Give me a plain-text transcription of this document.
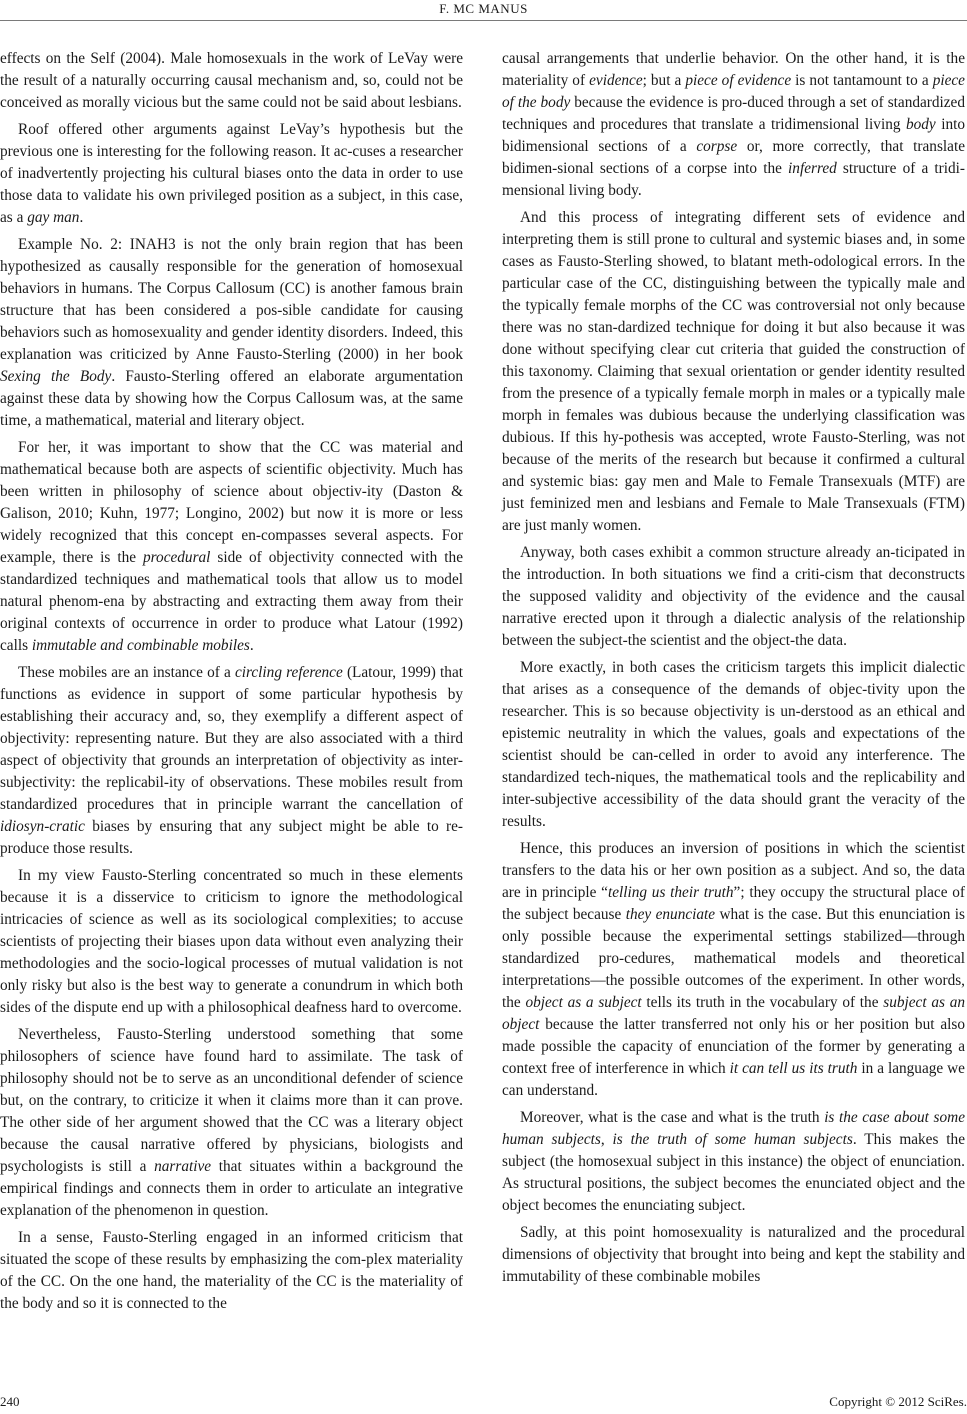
F. MC MANUS

effects on the Self (2004). Male homosexuals in the work of LeVay were the result of a naturally occurring causal mechanism and, so, could not be conceived as morally vicious but the same could not be said about lesbians.

Roof offered other arguments against LeVay’s hypothesis but the previous one is interesting for the following reason. It ac-cuses a researcher of inadvertently projecting his cultural biases onto the data in order to use those data to validate his own privileged position as a subject, in this case, as a gay man.

Example No. 2: INAH3 is not the only brain region that has been hypothesized as causally responsible for the generation of homosexual behaviors in humans. The Corpus Callosum (CC) is another famous brain structure that has been considered a pos-sible candidate for causing behaviors such as homosexuality and gender identity disorders. Indeed, this explanation was criticized by Anne Fausto-Sterling (2000) in her book Sexing the Body. Fausto-Sterling offered an elaborate argumentation against these data by showing how the Corpus Callosum was, at the same time, a mathematical, material and literary object.

For her, it was important to show that the CC was material and mathematical because both are aspects of scientific objectivity. Much has been written in philosophy of science about objectiv-ity (Daston & Galison, 2010; Kuhn, 1977; Longino, 2002) but now it is more or less widely recognized that this concept en-compasses several aspects. For example, there is the procedural side of objectivity connected with the standardized techniques and mathematical tools that allow us to model natural phenom-ena by abstracting and extracting them away from their original contexts of occurrence in order to produce what Latour (1992) calls immutable and combinable mobiles.

These mobiles are an instance of a circling reference (Latour, 1999) that functions as evidence in support of some particular hypothesis by establishing their accuracy and, so, they exemplify a different aspect of objectivity: representing nature. But they are also associated with a third aspect of objectivity that grounds an interpretation of objectivity as inter-subjectivity: the replicabil-ity of observations. These mobiles result from standardized procedures that in principle warrant the cancellation of idiosyn-cratic biases by ensuring that any subject might be able to re-produce those results.

In my view Fausto-Sterling concentrated so much in these elements because it is a disservice to criticism to ignore the methodological intricacies of science as well as its sociological complexities; to accuse scientists of projecting their biases upon data without even analyzing their methodologies and the socio-logical processes of mutual validation is not only risky but also is the best way to generate a conundrum in which both sides of the dispute end up with a philosophical deafness hard to overcome.

Nevertheless, Fausto-Sterling understood something that some philosophers of science have found hard to assimilate. The task of philosophy should not be to serve as an unconditional defender of science but, on the contrary, to criticize it when it claims more than it can prove. The other side of her argument showed that the CC was a literary object because the causal narrative offered by physicians, biologists and psychologists is still a narrative that situates within a background the empirical findings and connects them in order to articulate an integrative explanation of the phenomenon in question.

In a sense, Fausto-Sterling engaged in an informed criticism that situated the scope of these results by emphasizing the com-plex materiality of the CC. On the one hand, the materiality of the CC is the materiality of the body and so it is connected to the

causal arrangements that underlie behavior. On the other hand, it is the materiality of evidence; but a piece of evidence is not tantamount to a piece of the body because the evidence is pro-duced through a set of standardized techniques and procedures that translate a tridimensional living body into bidimensional sections of a corpse or, more correctly, that translate bidimen-sional sections of a corpse into the inferred structure of a tridi-mensional living body.

And this process of integrating different sets of evidence and interpreting them is still prone to cultural and systemic biases and, in some cases as Fausto-Sterling showed, to blatant meth-odological errors. In the particular case of the CC, distinguishing between the typically male and the typically female morphs of the CC was controversial not only because there was no stan-dardized technique for doing it but also because it was done without specifying clear cut criteria that guided the construction of this taxonomy. Claiming that sexual orientation or gender identity resulted from the presence of a typically female morph in males or a typically male morph in females was dubious because the underlying classification was dubious. If this hy-pothesis was accepted, wrote Fausto-Sterling, was not because of the merits of the research but because it confirmed a cultural and systemic bias: gay men and Male to Female Transexuals (MTF) are just feminized men and lesbians and Female to Male Transexuals (FTM) are just manly women.

Anyway, both cases exhibit a common structure already an-ticipated in the introduction. In both situations we find a criti-cism that deconstructs the supposed validity and objectivity of the evidence and the causal narrative erected upon it through a dialectic analysis of the relationship between the subject-the scientist and the object-the data.

More exactly, in both cases the criticism targets this implicit dialectic that arises as a consequence of the demands of objec-tivity upon the researcher. This is so because objectivity is un-derstood as an ethical and epistemic neutrality in which the values, goals and expectations of the scientist should be can-celled in order to avoid any interference. The standardized tech-niques, the mathematical tools and the replicability and inter-subjective accessibility of the data should grant the veracity of the results.

Hence, this produces an inversion of positions in which the scientist transfers to the data his or her own position as a subject. And so, the data are in principle “telling us their truth”; they occupy the structural place of the subject because they enunciate what is the case. But this enunciation is only possible because the experimental settings stabilized—through standardized pro-cedures, mathematical models and theoretical interpretations—the possible outcomes of the experiment. In other words, the object as a subject tells its truth in the vocabulary of the subject as an object because the latter transferred not only his or her position but also made possible the capacity of enunciation of the former by generating a context free of interference in which it can tell us its truth in a language we can understand.

Moreover, what is the case and what is the truth is the case about some human subjects, is the truth of some human subjects. This makes the subject (the homosexual subject in this instance) the object of enunciation. As structural positions, the subject becomes the enunciated object and the object becomes the enunciating subject.

Sadly, at this point homosexuality is naturalized and the procedural dimensions of objectivity that brought into being and kept the stability and immutability of these combinable mobiles

240	Copyright © 2012 SciRes.
